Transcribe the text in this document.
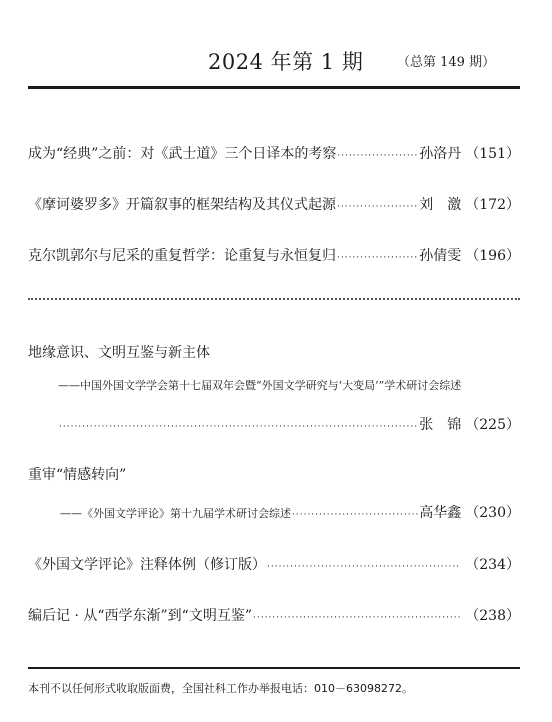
2024 年第 1 期	（总第 149 期）
成为“经典”之前：对《武士道》三个日译本的考察 ·····	孙洛丹 （151）
《摩诃婆罗多》开篇叙事的框架结构及其仪式起源 ·····	刘　激 （172）
克尔凯郭尔与尼采的重复哲学：论重复与永恒复归 ·····	孙倩雯 （196）
地缘意识、文明互鉴与新主体
——中国外国文学学会第十七届双年会暨“外国文学研究与‘大变局’”学术研讨会综述
·····
张　锦 （225）
重审“情感转向”
——《外国文学评论》第十九届学术研讨会综述 ·····	高华鑫 （230）
《外国文学评论》注释体例（修订版） ·····	（234）
编后记 · 从“西学东渐”到“文明互鉴” ·····	（238）
本刊不以任何形式收取版面费，全国社科工作办举报电话：010－63098272。
